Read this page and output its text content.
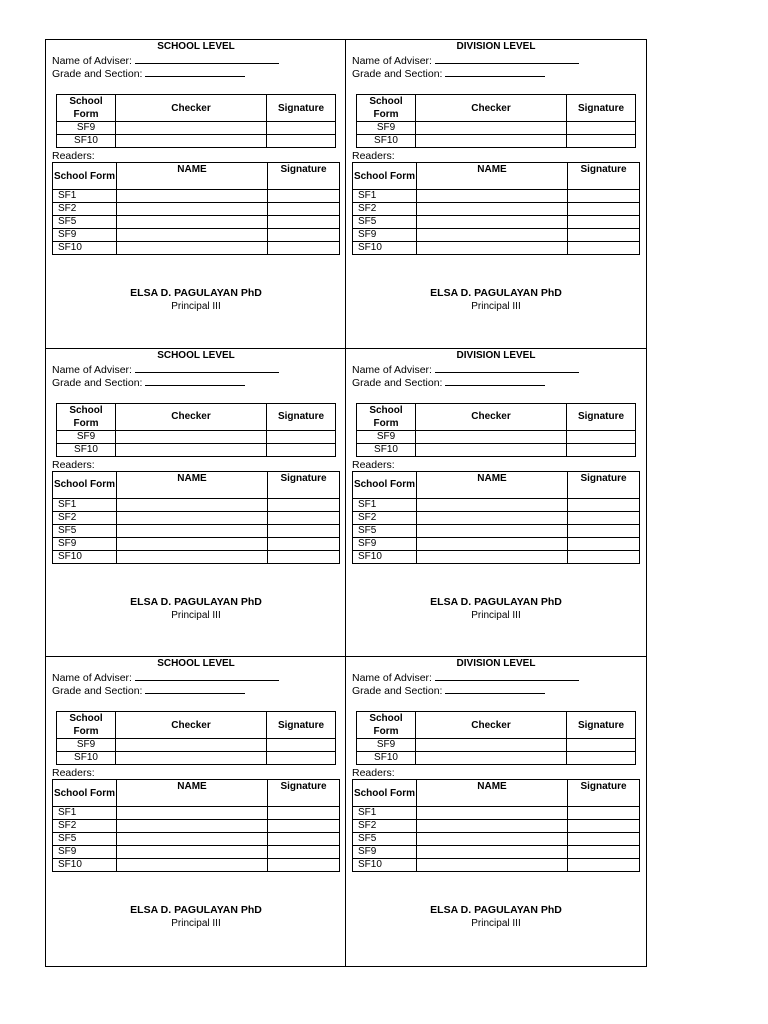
SCHOOL LEVEL
Name of Adviser:
Grade and Section:
School Form	Checker	Signature
SF9		
SF10		
Readers:
School Form	NAME	Signature
SF1		
SF2		
SF5		
SF9		
SF10		
ELSA D. PAGULAYAN PhD
Principal III
DIVISION LEVEL
Name of Adviser:
Grade and Section:
School Form	Checker	Signature
SF9		
SF10		
Readers:
School Form	NAME	Signature
SF1		
SF2		
SF5		
SF9		
SF10		
ELSA D. PAGULAYAN PhD
Principal III
SCHOOL LEVEL
Name of Adviser:
Grade and Section:
School Form	Checker	Signature
SF9		
SF10		
Readers:
School Form	NAME	Signature
SF1		
SF2		
SF5		
SF9		
SF10		
ELSA D. PAGULAYAN PhD
Principal III
DIVISION LEVEL
Name of Adviser:
Grade and Section:
School Form	Checker	Signature
SF9		
SF10		
Readers:
School Form	NAME	Signature
SF1		
SF2		
SF5		
SF9		
SF10		
ELSA D. PAGULAYAN PhD
Principal III
SCHOOL LEVEL
Name of Adviser:
Grade and Section:
School Form	Checker	Signature
SF9		
SF10		
Readers:
School Form	NAME	Signature
SF1		
SF2		
SF5		
SF9		
SF10		
ELSA D. PAGULAYAN PhD
Principal III
DIVISION LEVEL
Name of Adviser:
Grade and Section:
School Form	Checker	Signature
SF9		
SF10		
Readers:
School Form	NAME	Signature
SF1		
SF2		
SF5		
SF9		
SF10		
ELSA D. PAGULAYAN PhD
Principal III
